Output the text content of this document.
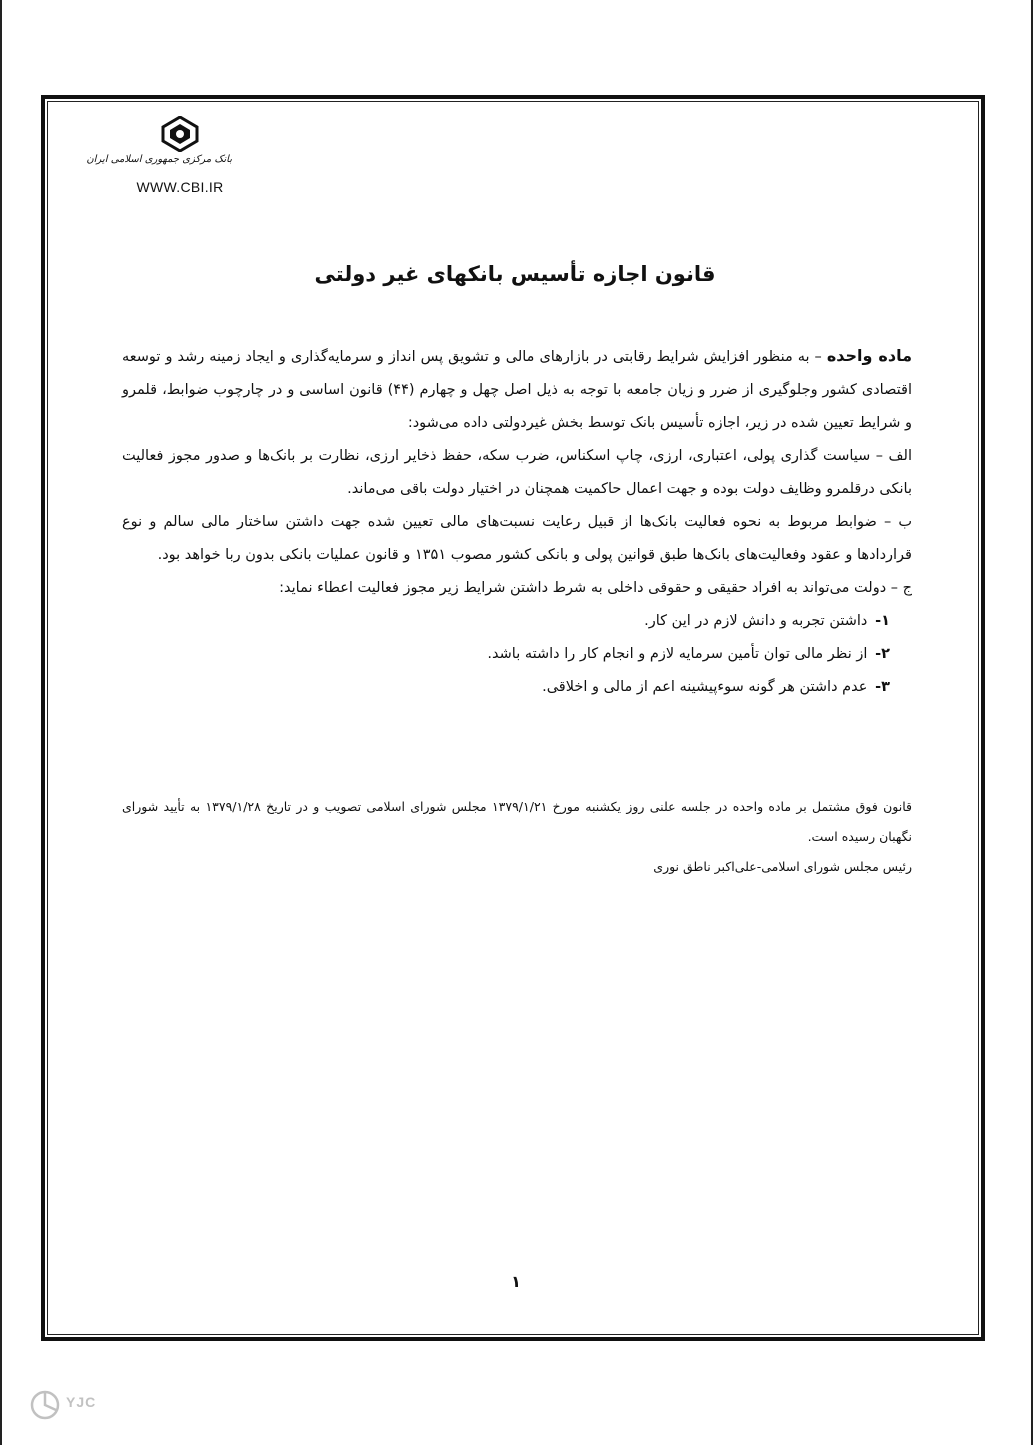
بانک مرکزی جمهوری اسلامی ایران
WWW.CBI.IR
قانون اجازه تأسیس بانکهای غیر دولتی

ماده واحده – به منظور افزایش شرایط رقابتی در بازارهای مالی و تشویق پس انداز و سرمایه‌گذاری و ایجاد زمینه رشد و توسعه اقتصادی کشور وجلوگیری از ضرر و زیان جامعه با توجه به ذیل اصل چهل و چهارم (۴۴) قانون اساسی و در چارچوب ضوابط، قلمرو و شرایط تعیین شده در زیر، اجازه تأسیس بانک توسط بخش غیردولتی داده می‌شود:

الف – سیاست گذاری پولی، اعتباری، ارزی، چاپ اسکناس، ضرب سکه، حفظ ذخایر ارزی، نظارت بر بانک‌ها و صدور مجوز فعالیت بانکی درقلمرو وظایف دولت بوده و جهت اعمال حاکمیت همچنان در اختیار دولت باقی می‌ماند.

ب – ضوابط مربوط به نحوه فعالیت بانک‌ها از قبیل رعایت نسبت‌های مالی تعیین شده جهت داشتن ساختار مالی سالم و نوع قراردادها و عقود وفعالیت‌های بانک‌ها طبق قوانین پولی و بانکی کشور مصوب ۱۳۵۱ و قانون عملیات بانکی بدون ربا خواهد بود.

ج – دولت می‌تواند به افراد حقیقی و حقوقی داخلی به شرط داشتن شرایط زیر مجوز فعالیت اعطاء نماید:

۱- داشتن تجربه و دانش لازم در این کار.
۲- از نظر مالی توان تأمین سرمایه لازم و انجام کار را داشته باشد.
۳- عدم داشتن هر گونه سوءپیشینه اعم از مالی و اخلاقی.

قانون فوق مشتمل بر ماده واحده در جلسه علنی روز یکشنبه مورخ ۱۳۷۹/۱/۲۱ مجلس شورای اسلامی تصویب و در تاریخ ۱۳۷۹/۱/۲۸ به تأیید شورای نگهبان رسیده است.

رئیس مجلس شورای اسلامی-علی‌اکبر ناطق نوری

۱
YJC
